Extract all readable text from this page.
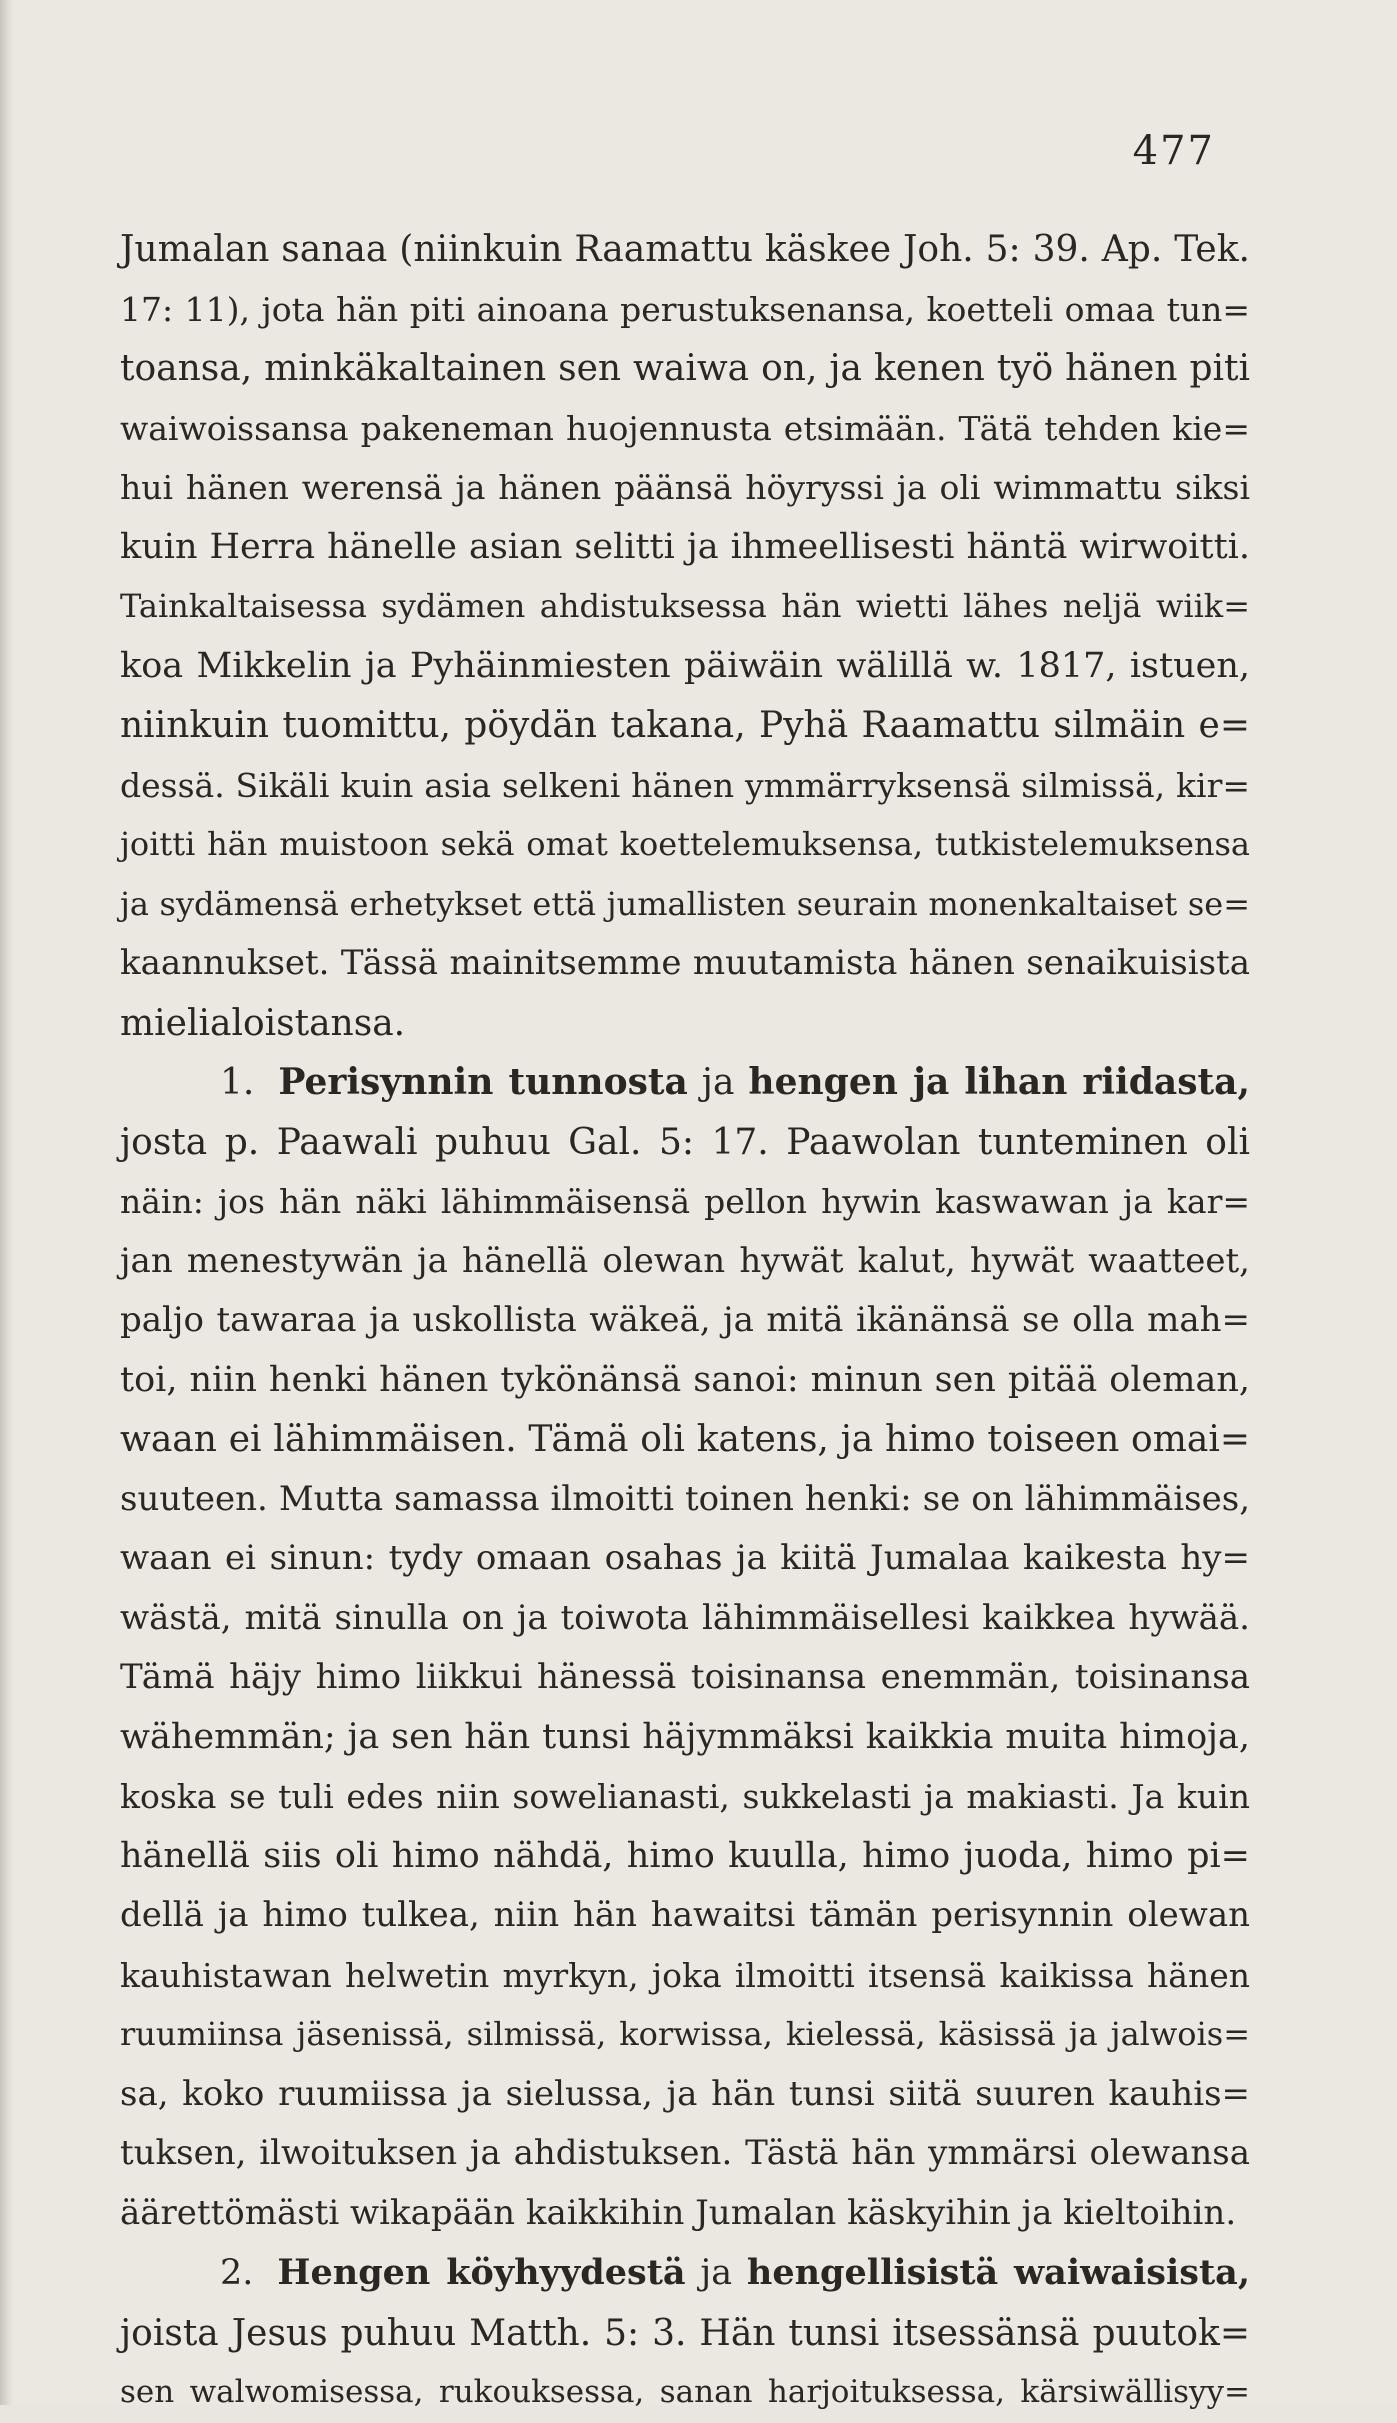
477
Jumalan sanaa (niinkuin Raamattu käskee Joh. 5: 39. Ap. Tek.
17: 11), jota hän piti ainoana perustuksenansa, koetteli omaa tun=
toansa, minkäkaltainen sen waiwa on, ja kenen työ hänen piti
waiwoissansa pakeneman huojennusta etsimään. Tätä tehden kie=
hui hänen werensä ja hänen päänsä höyryssi ja oli wimmattu siksi
kuin Herra hänelle asian selitti ja ihmeellisesti häntä wirwoitti.
Tainkaltaisessa sydämen ahdistuksessa hän wietti lähes neljä wiik=
koa Mikkelin ja Pyhäinmiesten päiwäin wälillä w. 1817, istuen,
niinkuin tuomittu, pöydän takana, Pyhä Raamattu silmäin e=
dessä. Sikäli kuin asia selkeni hänen ymmärryksensä silmissä, kir=
joitti hän muistoon sekä omat koettelemuksensa, tutkistelemuksensa
ja sydämensä erhetykset että jumallisten seurain monenkaltaiset se=
kaannukset. Tässä mainitsemme muutamista hänen senaikuisista
mielialoistansa.
1. Perisynnin tunnosta ja hengen ja lihan riidasta,
josta p. Paawali puhuu Gal. 5: 17. Paawolan tunteminen oli
näin: jos hän näki lähimmäisensä pellon hywin kaswawan ja kar=
jan menestywän ja hänellä olewan hywät kalut, hywät waatteet,
paljo tawaraa ja uskollista wäkeä, ja mitä ikänänsä se olla mah=
toi, niin henki hänen tykönänsä sanoi: minun sen pitää oleman,
waan ei lähimmäisen. Tämä oli katens, ja himo toiseen omai=
suuteen. Mutta samassa ilmoitti toinen henki: se on lähimmäises,
waan ei sinun: tydy omaan osahas ja kiitä Jumalaa kaikesta hy=
wästä, mitä sinulla on ja toiwota lähimmäisellesi kaikkea hywää.
Tämä häjy himo liikkui hänessä toisinansa enemmän, toisinansa
wähemmän; ja sen hän tunsi häjymmäksi kaikkia muita himoja,
koska se tuli edes niin sowelianasti, sukkelasti ja makiasti. Ja kuin
hänellä siis oli himo nähdä, himo kuulla, himo juoda, himo pi=
dellä ja himo tulkea, niin hän hawaitsi tämän perisynnin olewan
kauhistawan helwetin myrkyn, joka ilmoitti itsensä kaikissa hänen
ruumiinsa jäsenissä, silmissä, korwissa, kielessä, käsissä ja jalwois=
sa, koko ruumiissa ja sielussa, ja hän tunsi siitä suuren kauhis=
tuksen, ilwoituksen ja ahdistuksen. Tästä hän ymmärsi olewansa
äärettömästi wikapään kaikkihin Jumalan käskyihin ja kieltoihin.
2. Hengen köyhyydestä ja hengellisistä waiwaisista,
joista Jesus puhuu Matth. 5: 3. Hän tunsi itsessänsä puutok=
sen walwomisessa, rukouksessa, sanan harjoituksessa, kärsiwällisyy=
